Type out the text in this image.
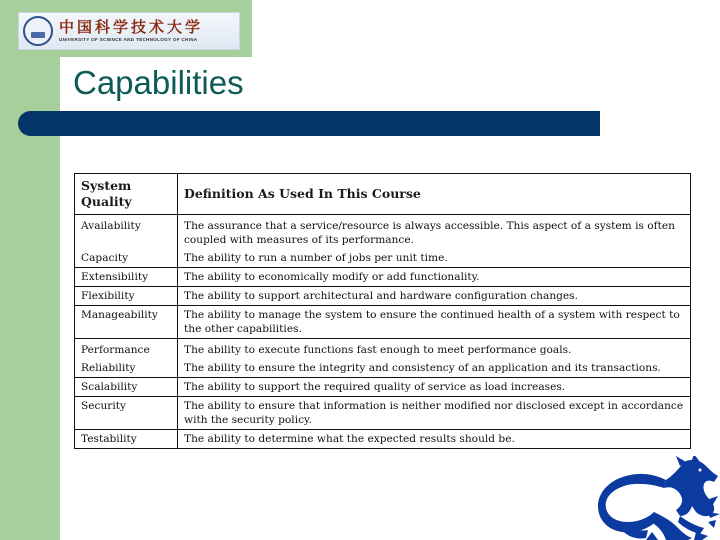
中国科学技术大学
UNIVERSITY OF SCIENCE AND TECHNOLOGY OF CHINA
Capabilities
System Quality	Definition As Used In This Course
Availability	The assurance that a service/resource is always accessible. This aspect of a system is often coupled with measures of its performance.
Capacity	The ability to run a number of jobs per unit time.
Extensibility	The ability to economically modify or add functionality.
Flexibility	The ability to support architectural and hardware configuration changes.
Manageability	The ability to manage the system to ensure the continued health of a system with respect to the other capabilities.
Performance	The ability to execute functions fast enough to meet performance goals.
Reliability	The ability to ensure the integrity and consistency of an application and its transactions.
Scalability	The ability to support the required quality of service as load increases.
Security	The ability to ensure that information is neither modified nor disclosed except in accordance with the security policy.
Testability	The ability to determine what the expected results should be.
